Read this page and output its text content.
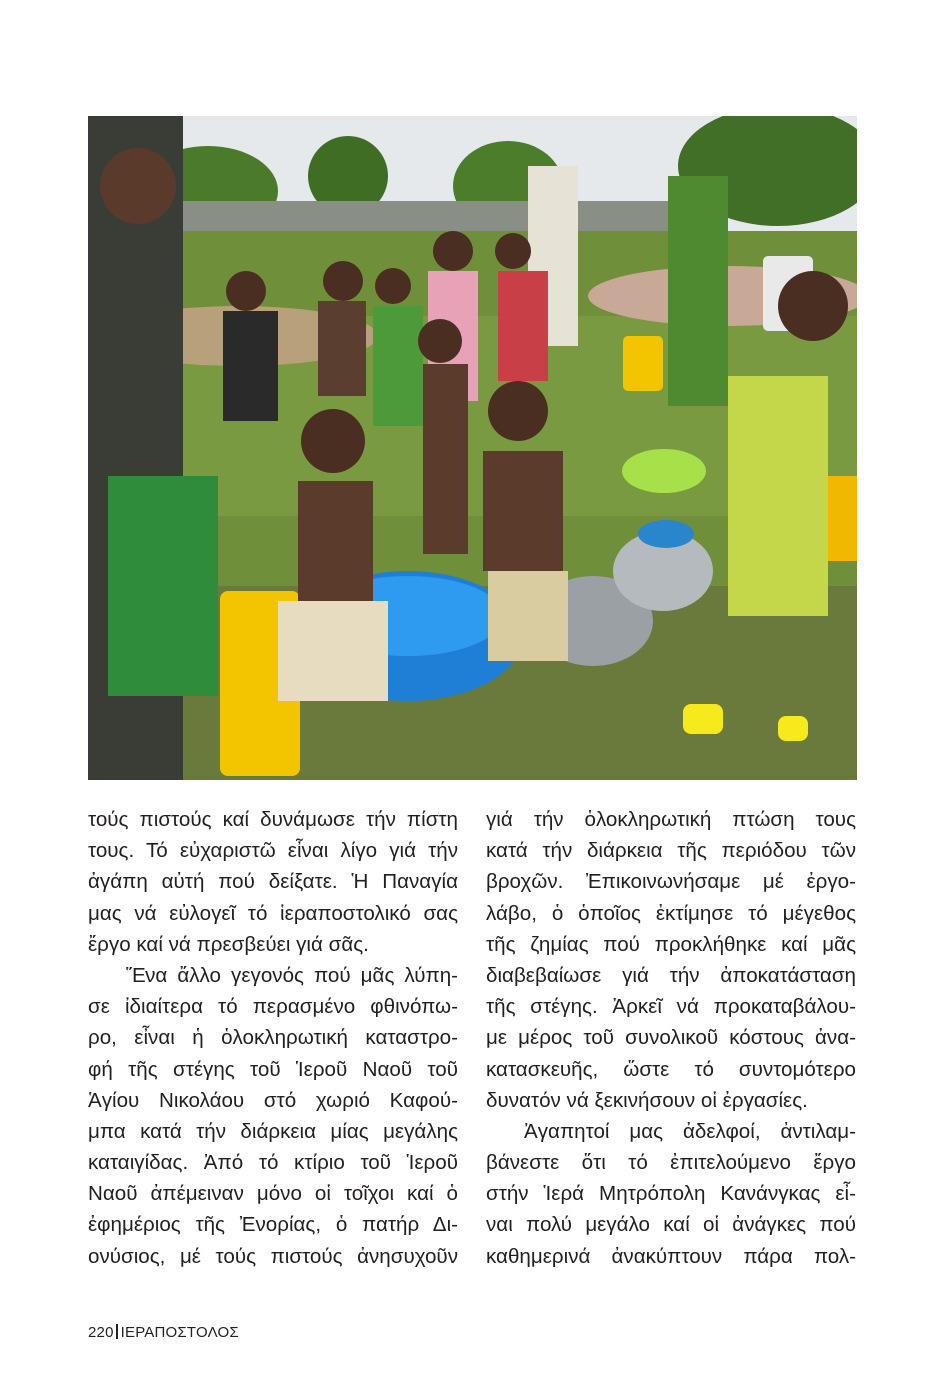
τούς πιστούς καί δυνάμωσε τήν πίστη
τους. Τό εὐχαριστῶ εἶναι λίγο γιά τήν
ἀγάπη αὐτή πού δείξατε. Ἡ Παναγία
μας νά εὐλογεῖ τό ἱεραποστολικό σας
ἔργο καί νά πρεσβεύει γιά σᾶς.
Ἕνα ἄλλο γεγονός πού μᾶς λύπη-
σε ἰδιαίτερα τό περασμένο φθινόπω-
ρο, εἶναι ἡ ὁλοκληρωτική καταστρο-
φή τῆς στέγης τοῦ Ἱεροῦ Ναοῦ τοῦ
Ἁγίου Νικολάου στό χωριό Καφού-
μπα κατά τήν διάρκεια μίας μεγάλης
καταιγίδας. Ἀπό τό κτίριο τοῦ Ἱεροῦ
Ναοῦ ἀπέμειναν μόνο οἱ τοῖχοι καί ὁ
ἐφημέριος τῆς Ἐνορίας, ὁ πατήρ Δι-
ονύσιος, μέ τούς πιστούς ἀνησυχοῦν
γιά τήν ὁλοκληρωτική πτώση τους
κατά τήν διάρκεια τῆς περιόδου τῶν
βροχῶν. Ἐπικοινωνήσαμε μέ ἐργο-
λάβο, ὁ ὁποῖος ἐκτίμησε τό μέγεθος
τῆς ζημίας πού προκλήθηκε καί μᾶς
διαβεβαίωσε γιά τήν ἀποκατάσταση
τῆς στέγης. Ἀρκεῖ νά προκαταβάλου-
με μέρος τοῦ συνολικοῦ κόστους ἀνα-
κατασκευῆς, ὥστε τό συντομότερο
δυνατόν νά ξεκινήσουν οἱ ἐργασίες.
Ἀγαπητοί μας ἀδελφοί, ἀντιλαμ-
βάνεστε ὅτι τό ἐπιτελούμενο ἔργο
στήν Ἱερά Μητρόπολη Κανάνγκας εἶ-
ναι πολύ μεγάλο καί οἱ ἀνάγκες πού
καθημερινά ἀνακύπτουν πάρα πολ-
220 ΙΕΡΑΠΟΣΤΟΛΟΣ
